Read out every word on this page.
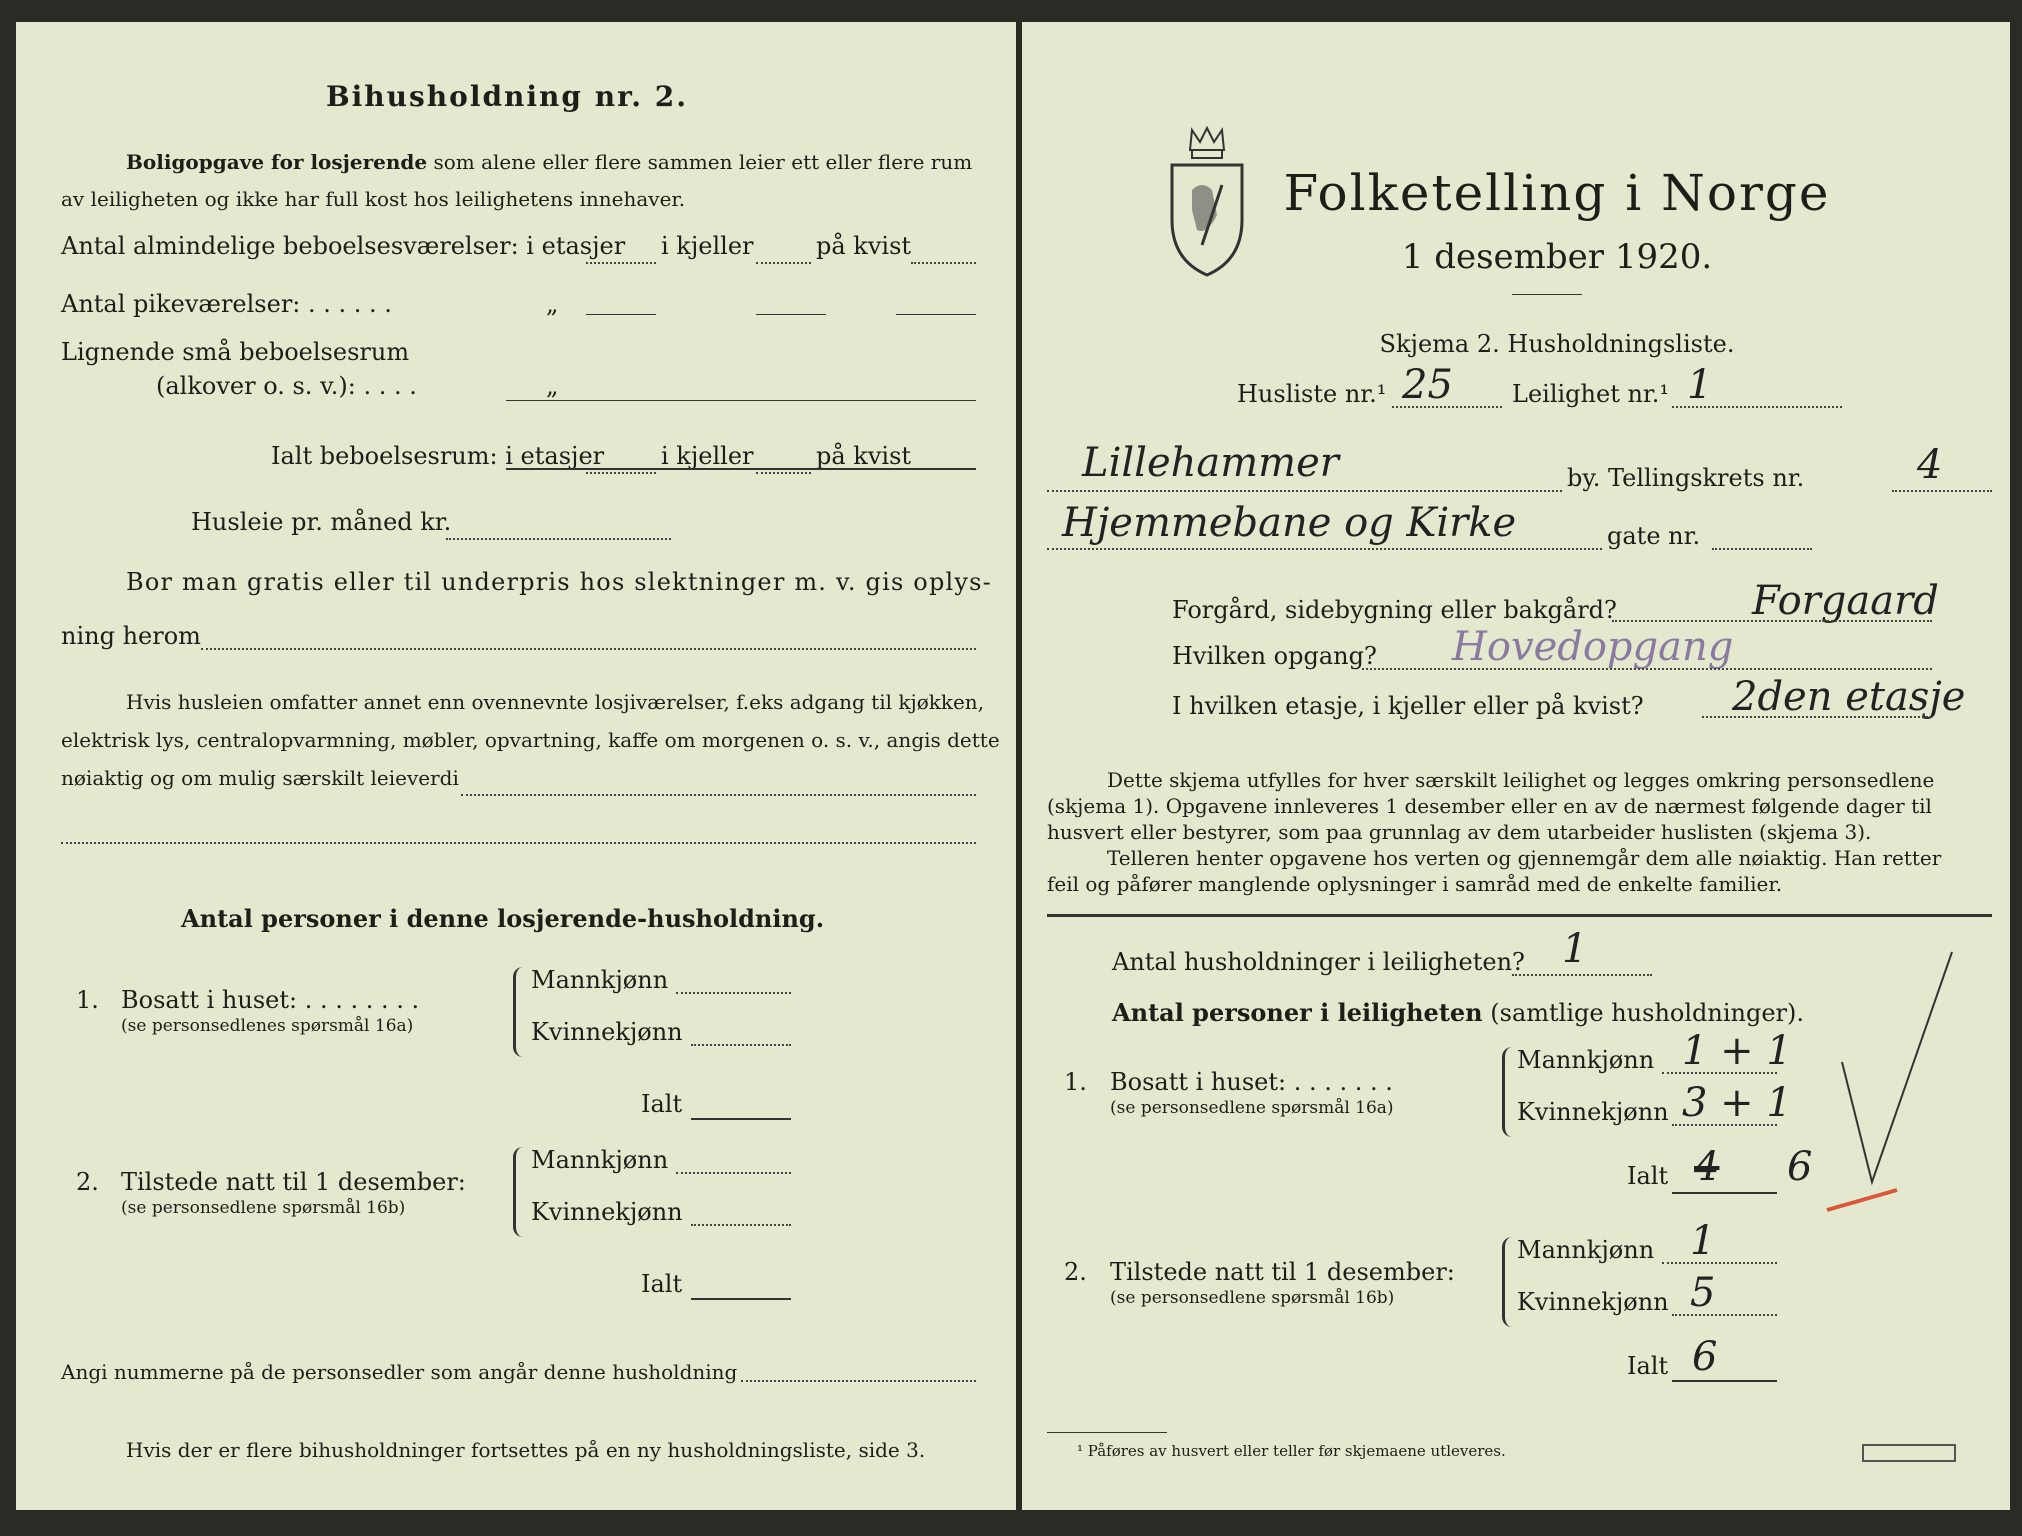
Bihusholdning nr. 2.
Boligopgave for losjerende som alene eller flere sammen leier ett eller flere rum
av leiligheten og ikke har full kost hos leilighetens innehaver.
Antal almindelige beboelsesværelser: i etasjer i kjeller	på kvist
Antal pikeværelser: . . . . . .	„
Lignende små beboelsesrum
(alkover o. s. v.): . . . .	„
Ialt beboelsesrum: i etasjer i kjeller	på kvist
Husleie pr. måned kr.
Bor man gratis eller til underpris hos slektninger m. v. gis oplys-
ning herom
Hvis husleien omfatter annet enn ovennevnte losjiværelser, f.eks adgang til kjøkken,
elektrisk lys, centralopvarmning, møbler, opvartning, kaffe om morgenen o. s. v., angis dette
nøiaktig og om mulig særskilt leieverdi
Antal personer i denne losjerende-husholdning.
1. Bosatt i huset: . . . . . . . .
(se personsedlenes spørsmål 16a)
Mannkjønn
Kvinnekjønn
Ialt
2. Tilstede natt til 1 desember:
(se personsedlene spørsmål 16b)
Mannkjønn
Kvinnekjønn
Ialt
Angi nummerne på de personsedler som angår denne husholdning
Hvis der er flere bihusholdninger fortsettes på en ny husholdningsliste, side 3.
Folketelling i Norge
1 desember 1920.
Skjema 2. Husholdningsliste.
Husliste nr.¹ 25 Leilighet nr.¹ 1
Lillehammer	by. Tellingskrets nr.	4
Hjemmebane og Kirke	gate nr.
Forgård, sidebygning eller bakgård?	Forgaard
Hvilken opgang? Hovedopgang
I hvilken etasje, i kjeller eller på kvist? 2den etasje
Dette skjema utfylles for hver særskilt leilighet og legges omkring personsedlene
(skjema 1). Opgavene innleveres 1 desember eller en av de nærmest følgende dager til
husvert eller bestyrer, som paa grunnlag av dem utarbeider huslisten (skjema 3).
Telleren henter opgavene hos verten og gjennemgår dem alle nøiaktig. Han retter
feil og påfører manglende oplysninger i samråd med de enkelte familier.
Antal husholdninger i leiligheten? 1
Antal personer i leiligheten (samtlige husholdninger).
1. Bosatt i huset: . . . . . . .
(se personsedlene spørsmål 16a)
Mannkjønn 1 + 1
Kvinnekjønn 3 + 1
Ialt 4 6
2. Tilstede natt til 1 desember:
(se personsedlene spørsmål 16b)
Mannkjønn 1
Kvinnekjønn 5
Ialt 6
¹ Påføres av husvert eller teller før skjemaene utleveres.
